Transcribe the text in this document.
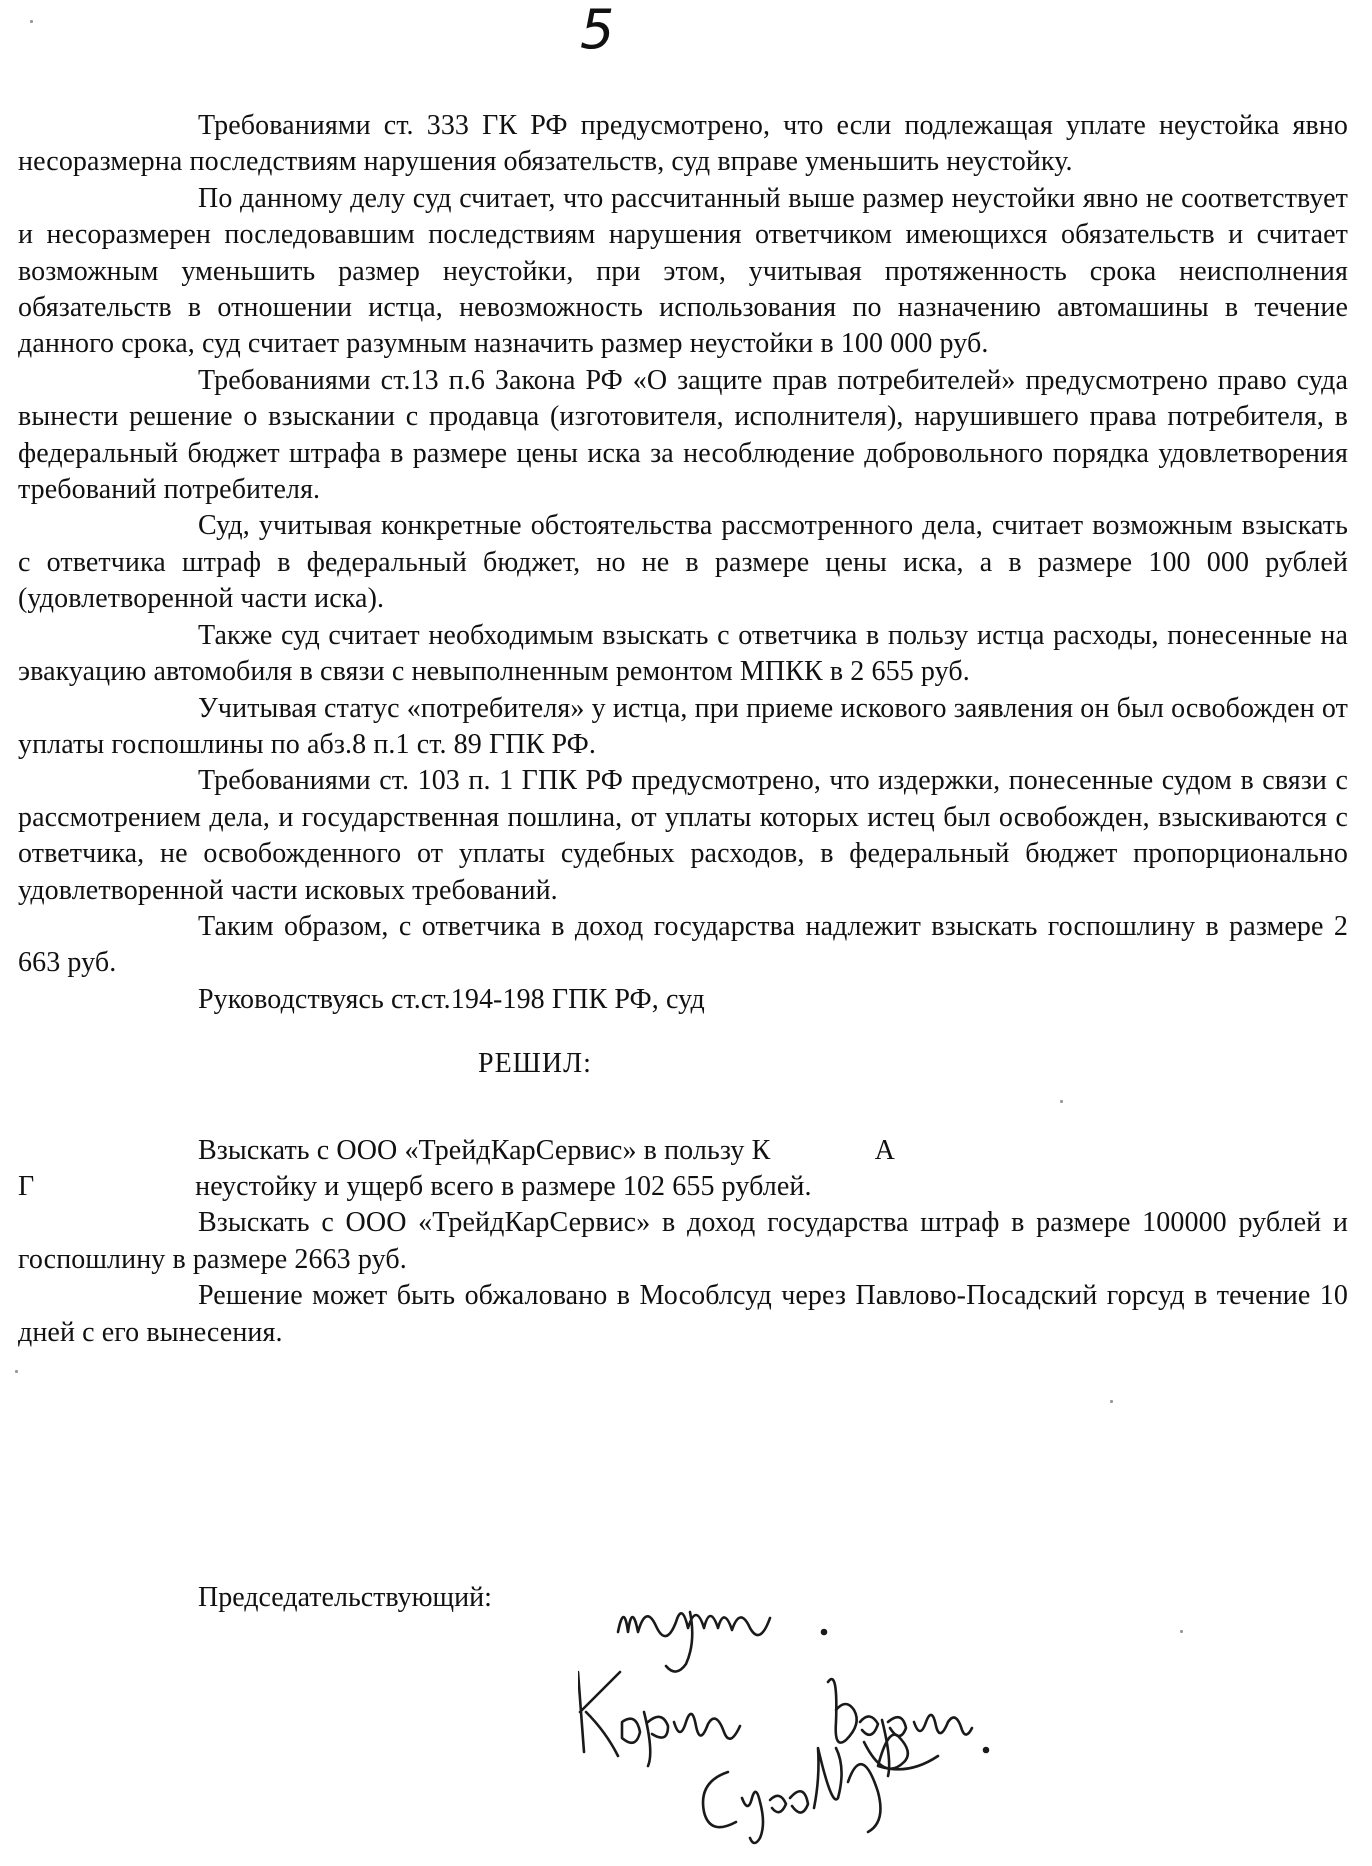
5

Требованиями ст. 333 ГК РФ предусмотрено, что если подлежащая уплате неустойка явно несоразмерна последствиям нарушения обязательств, суд вправе уменьшить неустойку.

По данному делу суд считает, что рассчитанный выше размер неустойки явно не соответствует и несоразмерен последовавшим последствиям нарушения ответчиком имеющихся обязательств и считает возможным уменьшить размер неустойки, при этом, учитывая протяженность срока неисполнения обязательств в отношении истца, невозможность использования по назначению автомашины в течение данного срока, суд считает разумным назначить размер неустойки в 100 000 руб.

Требованиями ст.13 п.6 Закона РФ «О защите прав потребителей» предусмотрено право суда вынести решение о взыскании с продавца (изготовителя, исполнителя), нарушившего права потребителя, в федеральный бюджет штрафа в размере цены иска за несоблюдение добровольного порядка удовлетворения требований потребителя.

Суд, учитывая конкретные обстоятельства рассмотренного дела, считает возможным взыскать с ответчика штраф в федеральный бюджет, но не в размере цены иска, а в размере 100 000 рублей (удовлетворенной части иска).

Также суд считает необходимым взыскать с ответчика в пользу истца расходы, понесенные на эвакуацию автомобиля в связи с невыполненным ремонтом МПКК в 2 655 руб.

Учитывая статус «потребителя» у истца, при приеме искового заявления он был освобожден от уплаты госпошлины по абз.8 п.1 ст. 89 ГПК РФ.

Требованиями ст. 103 п. 1 ГПК РФ предусмотрено, что издержки, понесенные судом в связи с рассмотрением дела, и государственная пошлина, от уплаты которых истец был освобожден, взыскиваются с ответчика, не освобожденного от уплаты судебных расходов, в федеральный бюджет пропорционально удовлетворенной части исковых требований.

Таким образом, с ответчика в доход государства надлежит взыскать госпошлину в размере 2 663 руб.

Руководствуясь ст.ст.194-198 ГПК РФ, суд

РЕШИЛ:
Взыскать с ООО «ТрейдКарСервис» в пользу К	А
Г	неустойку и ущерб всего в размере 102 655 рублей.

Взыскать с ООО «ТрейдКарСервис» в доход государства штраф в размере 100000 рублей и госпошлину в размере 2663 руб.

Решение может быть обжаловано в Мособлсуд через Павлово-Посадский горсуд в течение 10 дней с его вынесения.

Председательствующий:
